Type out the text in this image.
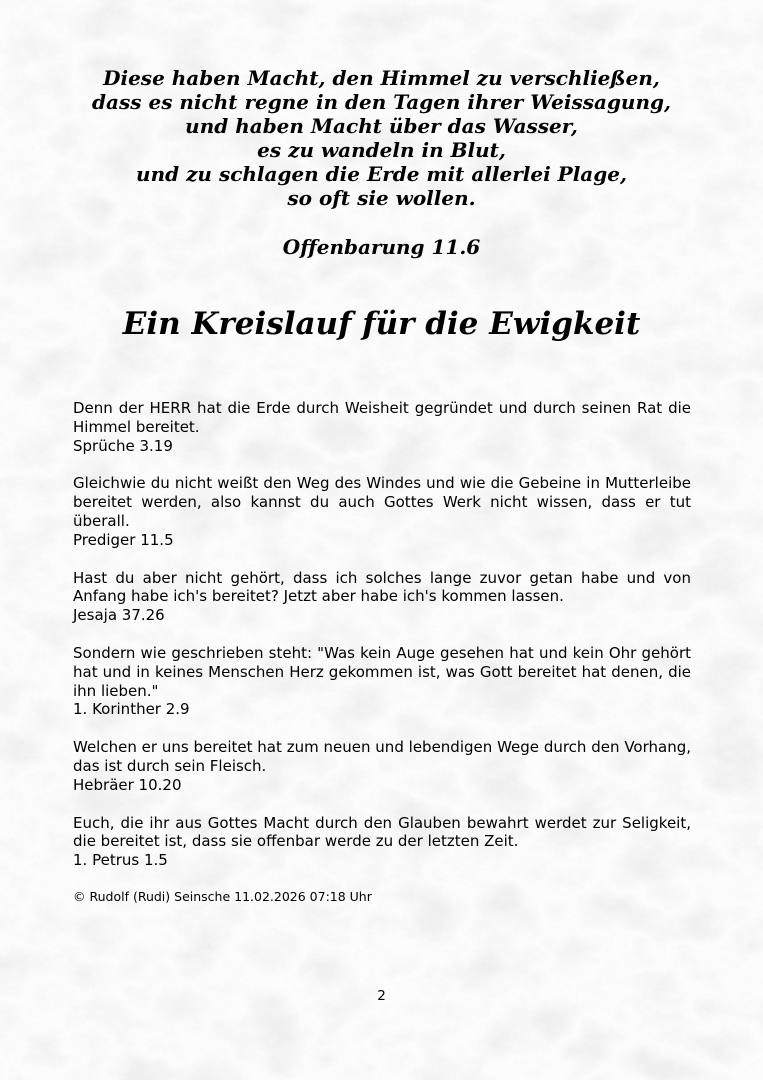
Diese haben Macht, den Himmel zu verschließen,
dass es nicht regne in den Tagen ihrer Weissagung,
und haben Macht über das Wasser,
es zu wandeln in Blut,
und zu schlagen die Erde mit allerlei Plage,
so oft sie wollen.
Offenbarung 11.6
Ein Kreislauf für die Ewigkeit

Denn der HERR hat die Erde durch Weisheit gegründet und durch seinen Rat die Himmel bereitet.

Sprüche 3.19

Gleichwie du nicht weißt den Weg des Windes und wie die Gebeine in Mutterleibe bereitet werden, also kannst du auch Gottes Werk nicht wissen, dass er tut überall.

Prediger 11.5

Hast du aber nicht gehört, dass ich solches lange zuvor getan habe und von Anfang habe ich's bereitet? Jetzt aber habe ich's kommen lassen.

Jesaja 37.26

Sondern wie geschrieben steht: "Was kein Auge gesehen hat und kein Ohr gehört hat und in keines Menschen Herz gekommen ist, was Gott bereitet hat denen, die ihn lieben."

1. Korinther 2.9

Welchen er uns bereitet hat zum neuen und lebendigen Wege durch den Vorhang, das ist durch sein Fleisch.

Hebräer 10.20

Euch, die ihr aus Gottes Macht durch den Glauben bewahrt werdet zur Seligkeit, die bereitet ist, dass sie offenbar werde zu der letzten Zeit.

1. Petrus 1.5

© Rudolf (Rudi) Seinsche 11.02.2026 07:18 Uhr

2
